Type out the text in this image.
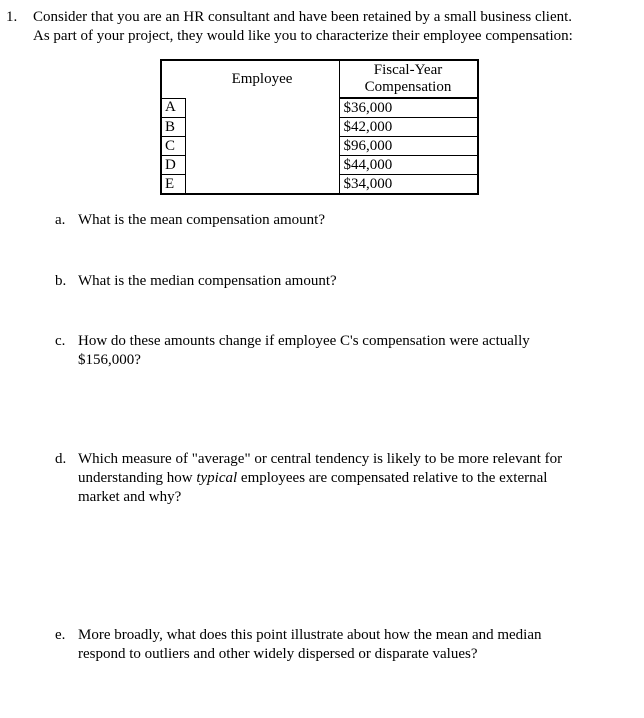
1.	Consider that you are an HR consultant and have been retained by a small business client.
As part of your project, they would like you to characterize their employee compensation:
	Employee	Fiscal-Year
Compensation

A		$36,000
B		$42,000
C		$96,000
D		$44,000
E		$34,000
a. What is the mean compensation amount?
b. What is the median compensation amount?
c. How do these amounts change if employee C's compensation were actually
$156,000?
d. Which measure of "average" or central tendency is likely to be more relevant for
understanding how typical employees are compensated relative to the external
market and why?
e. More broadly, what does this point illustrate about how the mean and median
respond to outliers and other widely dispersed or disparate values?
